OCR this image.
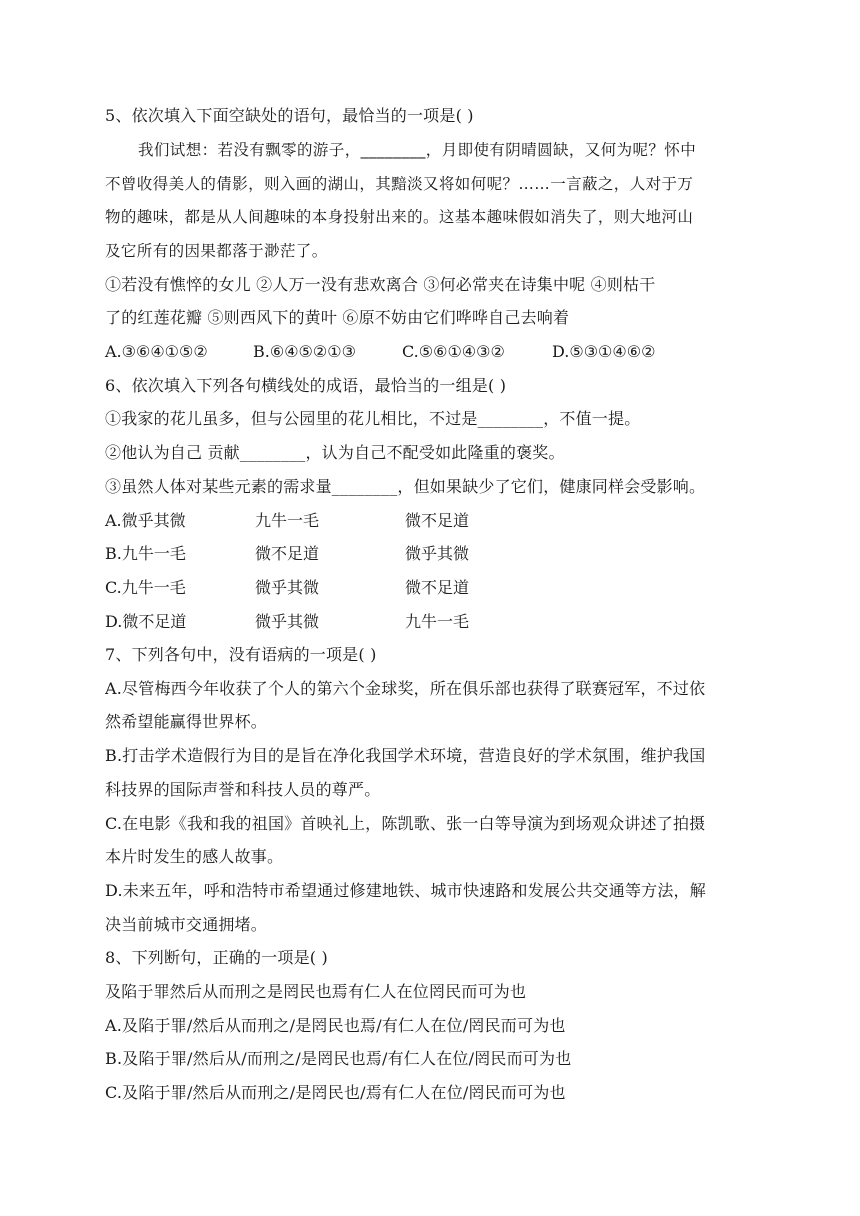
5、依次填入下面空缺处的语句，最恰当的一项是( )
我们试想：若没有飘零的游子，________，月即使有阴晴圆缺，又何为呢？怀中
不曾收得美人的倩影，则入画的湖山，其黯淡又将如何呢？……一言蔽之，人对于万
物的趣味，都是从人间趣味的本身投射出来的。这基本趣味假如消失了，则大地河山
及它所有的因果都落于渺茫了。
①若没有憔悴的女儿 ②人万一没有悲欢离合 ③何必常夹在诗集中呢 ④则枯干
了的红莲花瓣 ⑤则西风下的黄叶 ⑥原不妨由它们哗哗自己去响着
A.③⑥④①⑤②	B.⑥④⑤②①③	C.⑤⑥①④③②	D.⑤③①④⑥②
6、依次填入下列各句横线处的成语，最恰当的一组是( )
①我家的花儿虽多，但与公园里的花儿相比，不过是________，不值一提。
②他认为自己 贡献________，认为自己不配受如此隆重的褒奖。
③虽然人体对某些元素的需求量________，但如果缺少了它们，健康同样会受影响。
A.微乎其微	九牛一毛	微不足道
B.九牛一毛	微不足道	微乎其微
C.九牛一毛	微乎其微	微不足道
D.微不足道	微乎其微	九牛一毛
7、下列各句中，没有语病的一项是( )
A.尽管梅西今年收获了个人的第六个金球奖，所在俱乐部也获得了联赛冠军，不过依
然希望能赢得世界杯。
B.打击学术造假行为目的是旨在净化我国学术环境，营造良好的学术氛围，维护我国
科技界的国际声誉和科技人员的尊严。
C.在电影《我和我的祖国》首映礼上，陈凯歌、张一白等导演为到场观众讲述了拍摄
本片时发生的感人故事。
D.未来五年，呼和浩特市希望通过修建地铁、城市快速路和发展公共交通等方法，解
决当前城市交通拥堵。
8、下列断句，正确的一项是( )
及陷于罪然后从而刑之是罔民也焉有仁人在位罔民而可为也
A.及陷于罪/然后从而刑之/是罔民也焉/有仁人在位/罔民而可为也
B.及陷于罪/然后从/而刑之/是罔民也焉/有仁人在位/罔民而可为也
C.及陷于罪/然后从而刑之/是罔民也/焉有仁人在位/罔民而可为也
